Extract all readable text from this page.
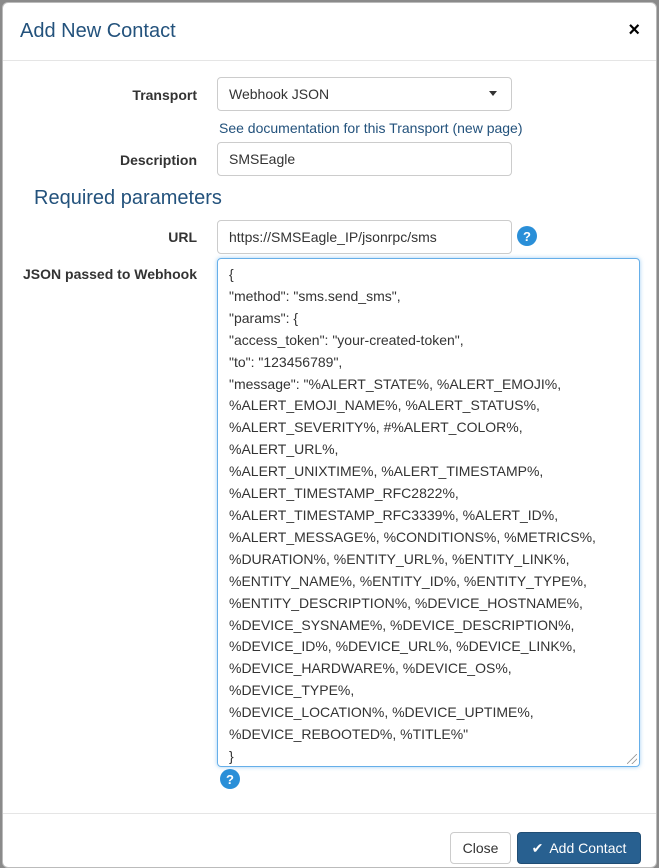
Add New Contact	×
Transport Webhook JSON
See documentation for this Transport (new page)
Description SMSEagle
Required parameters
URL https://SMSEagle_IP/jsonrpc/sms	?
JSON passed to Webhook {
"method": "sms.send_sms",
"params": {
"access_token": "your-created-token",
"to": "123456789",
"message": "%ALERT_STATE%, %ALERT_EMOJI%,
%ALERT_EMOJI_NAME%, %ALERT_STATUS%,
%ALERT_SEVERITY%, #%ALERT_COLOR%, %ALERT_URL%,
%ALERT_UNIXTIME%, %ALERT_TIMESTAMP%,
%ALERT_TIMESTAMP_RFC2822%,
%ALERT_TIMESTAMP_RFC3339%, %ALERT_ID%,
%ALERT_MESSAGE%, %CONDITIONS%, %METRICS%,
%DURATION%, %ENTITY_URL%, %ENTITY_LINK%,
%ENTITY_NAME%, %ENTITY_ID%, %ENTITY_TYPE%,
%ENTITY_DESCRIPTION%, %DEVICE_HOSTNAME%,
%DEVICE_SYSNAME%, %DEVICE_DESCRIPTION%,
%DEVICE_ID%, %DEVICE_URL%, %DEVICE_LINK%,
%DEVICE_HARDWARE%, %DEVICE_OS%, %DEVICE_TYPE%,
%DEVICE_LOCATION%, %DEVICE_UPTIME%,
%DEVICE_REBOOTED%, %TITLE%"
}
?
Close ✔ Add Contact
